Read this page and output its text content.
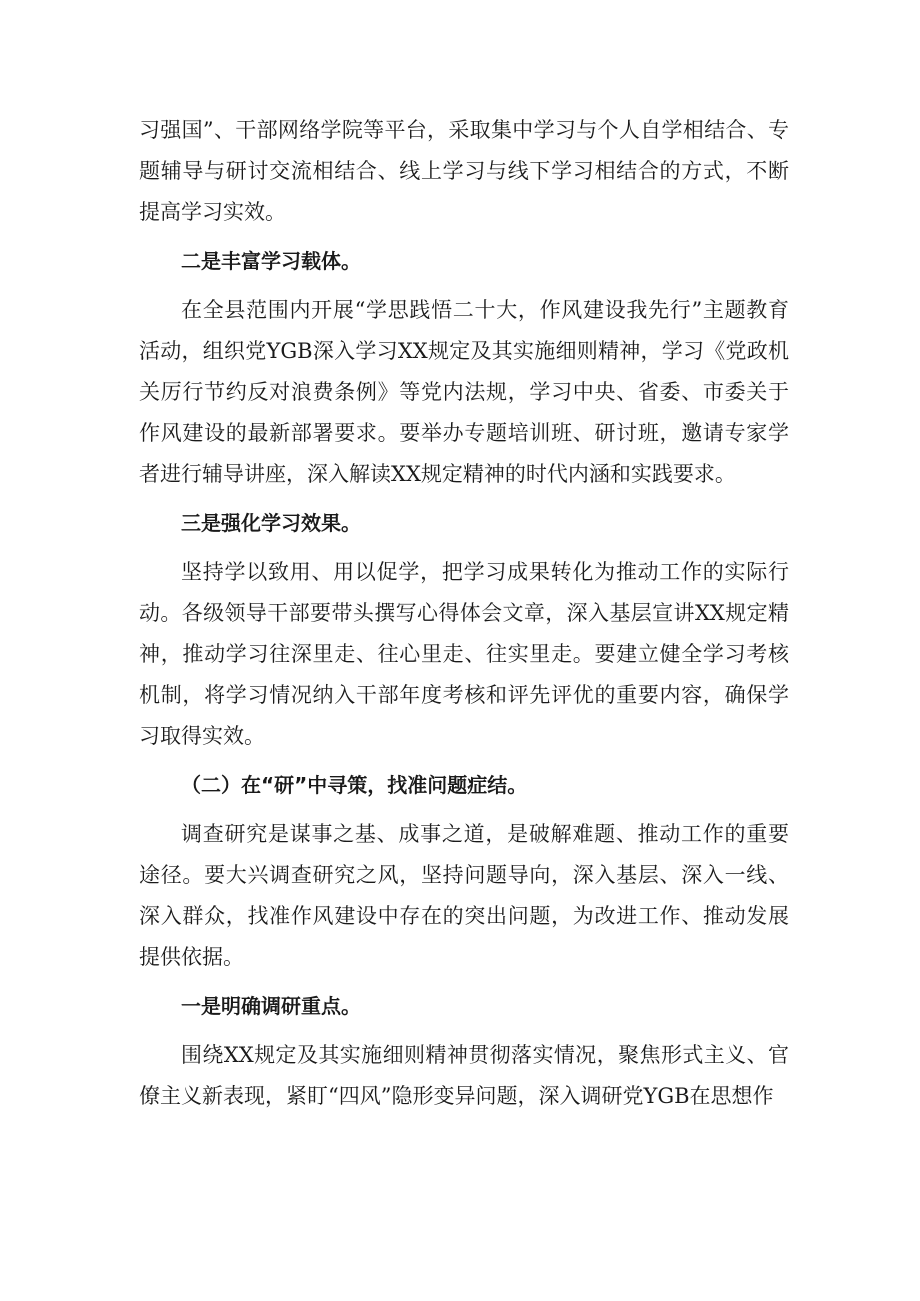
习强国”、干部网络学院等平台，采取集中学习与个人自学相结合、专题辅导与研讨交流相结合、线上学习与线下学习相结合的方式，不断提高学习实效。

二是丰富学习载体。

在全县范围内开展“学思践悟二十大，作风建设我先行”主题教育活动，组织党YGB深入学习XX规定及其实施细则精神，学习《党政机关厉行节约反对浪费条例》等党内法规，学习中央、省委、市委关于作风建设的最新部署要求。要举办专题培训班、研讨班，邀请专家学者进行辅导讲座，深入解读XX规定精神的时代内涵和实践要求。

三是强化学习效果。

坚持学以致用、用以促学，把学习成果转化为推动工作的实际行动。各级领导干部要带头撰写心得体会文章，深入基层宣讲XX规定精神，推动学习往深里走、往心里走、往实里走。要建立健全学习考核机制，将学习情况纳入干部年度考核和评先评优的重要内容，确保学习取得实效。

（二）在“研”中寻策，找准问题症结。

调查研究是谋事之基、成事之道，是破解难题、推动工作的重要途径。要大兴调查研究之风，坚持问题导向，深入基层、深入一线、深入群众，找准作风建设中存在的突出问题，为改进工作、推动发展提供依据。

一是明确调研重点。

围绕XX规定及其实施细则精神贯彻落实情况，聚焦形式主义、官僚主义新表现，紧盯“四风”隐形变异问题，深入调研党YGB在思想作
